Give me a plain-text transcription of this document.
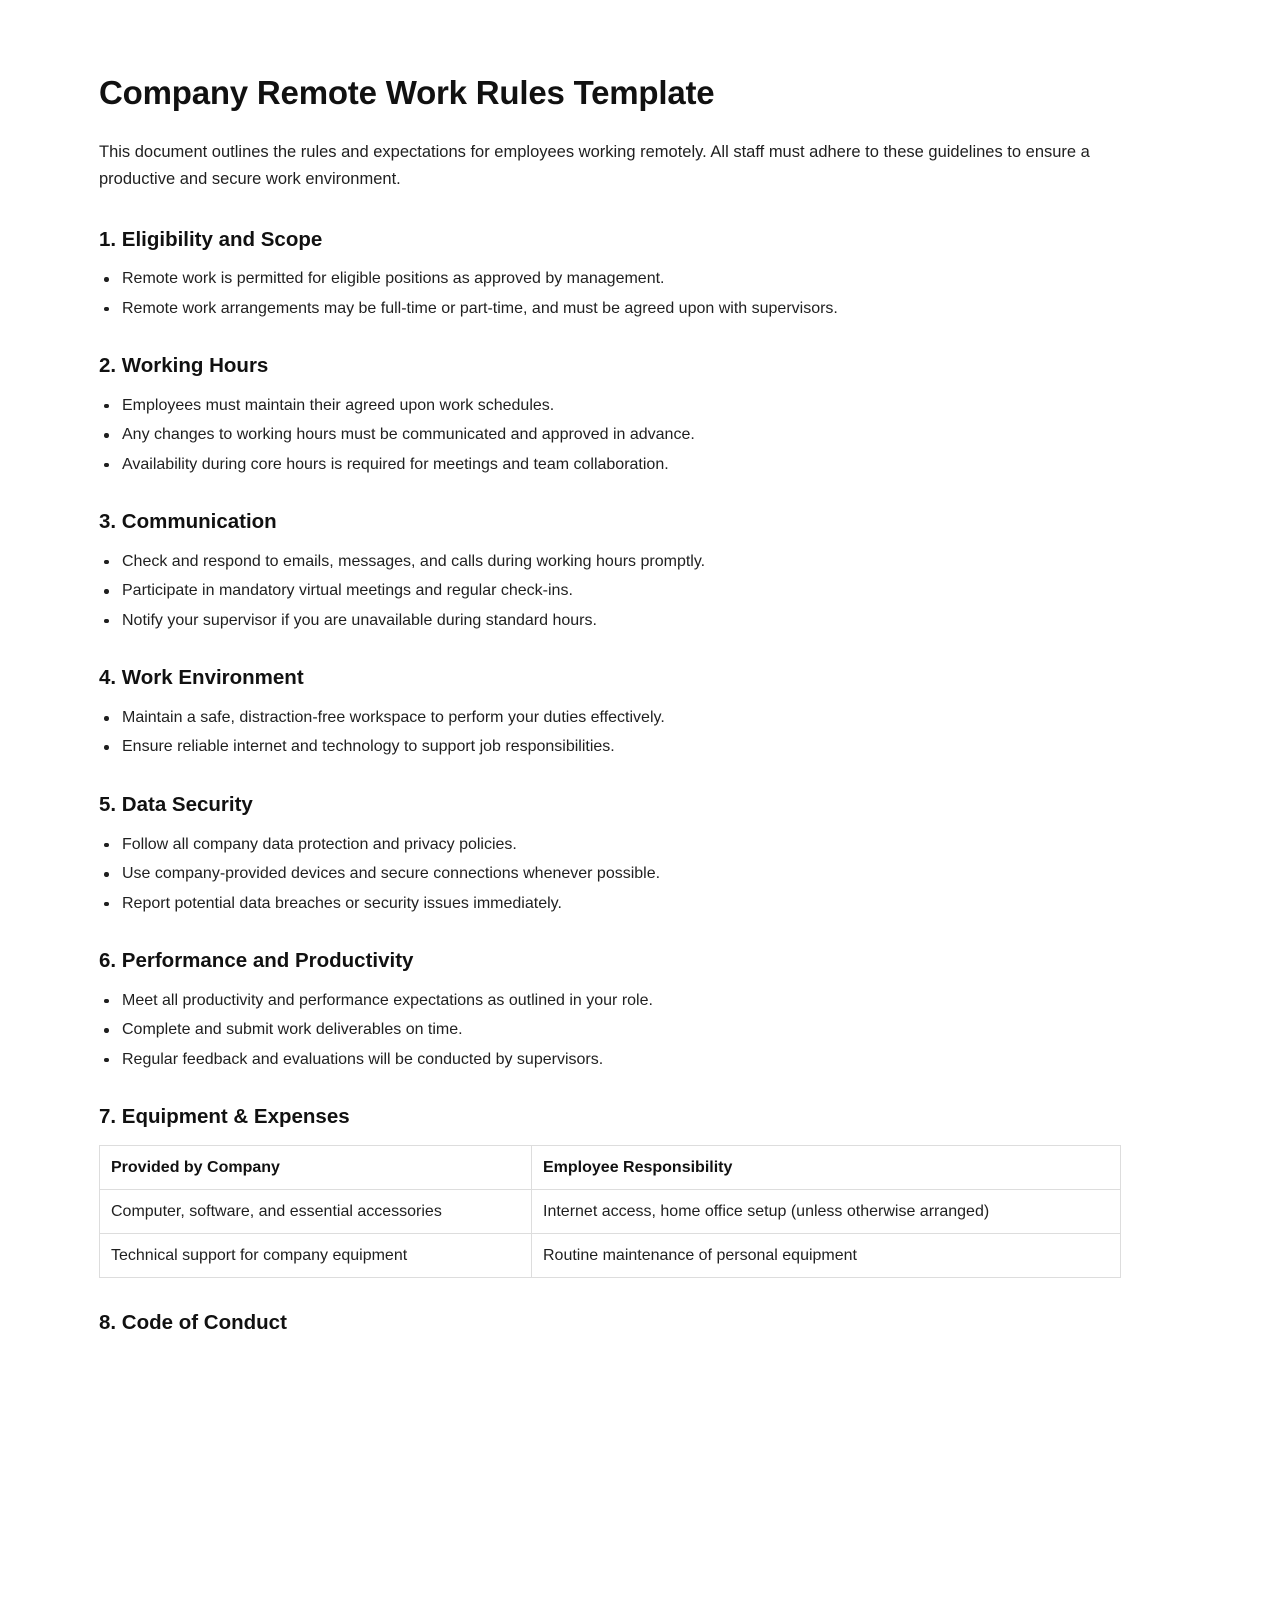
Company Remote Work Rules Template

This document outlines the rules and expectations for employees working remotely. All staff must adhere to these guidelines to ensure a productive and secure work environment.

1. Eligibility and Scope
Remote work is permitted for eligible positions as approved by management.
Remote work arrangements may be full-time or part-time, and must be agreed upon with supervisors.
2. Working Hours
Employees must maintain their agreed upon work schedules.
Any changes to working hours must be communicated and approved in advance.
Availability during core hours is required for meetings and team collaboration.
3. Communication
Check and respond to emails, messages, and calls during working hours promptly.
Participate in mandatory virtual meetings and regular check-ins.
Notify your supervisor if you are unavailable during standard hours.
4. Work Environment
Maintain a safe, distraction-free workspace to perform your duties effectively.
Ensure reliable internet and technology to support job responsibilities.
5. Data Security
Follow all company data protection and privacy policies.
Use company-provided devices and secure connections whenever possible.
Report potential data breaches or security issues immediately.
6. Performance and Productivity
Meet all productivity and performance expectations as outlined in your role.
Complete and submit work deliverables on time.
Regular feedback and evaluations will be conducted by supervisors.
7. Equipment & Expenses
Provided by Company	Employee Responsibility
Computer, software, and essential accessories	Internet access, home office setup (unless otherwise arranged)
Technical support for company equipment	Routine maintenance of personal equipment
8. Code of Conduct
